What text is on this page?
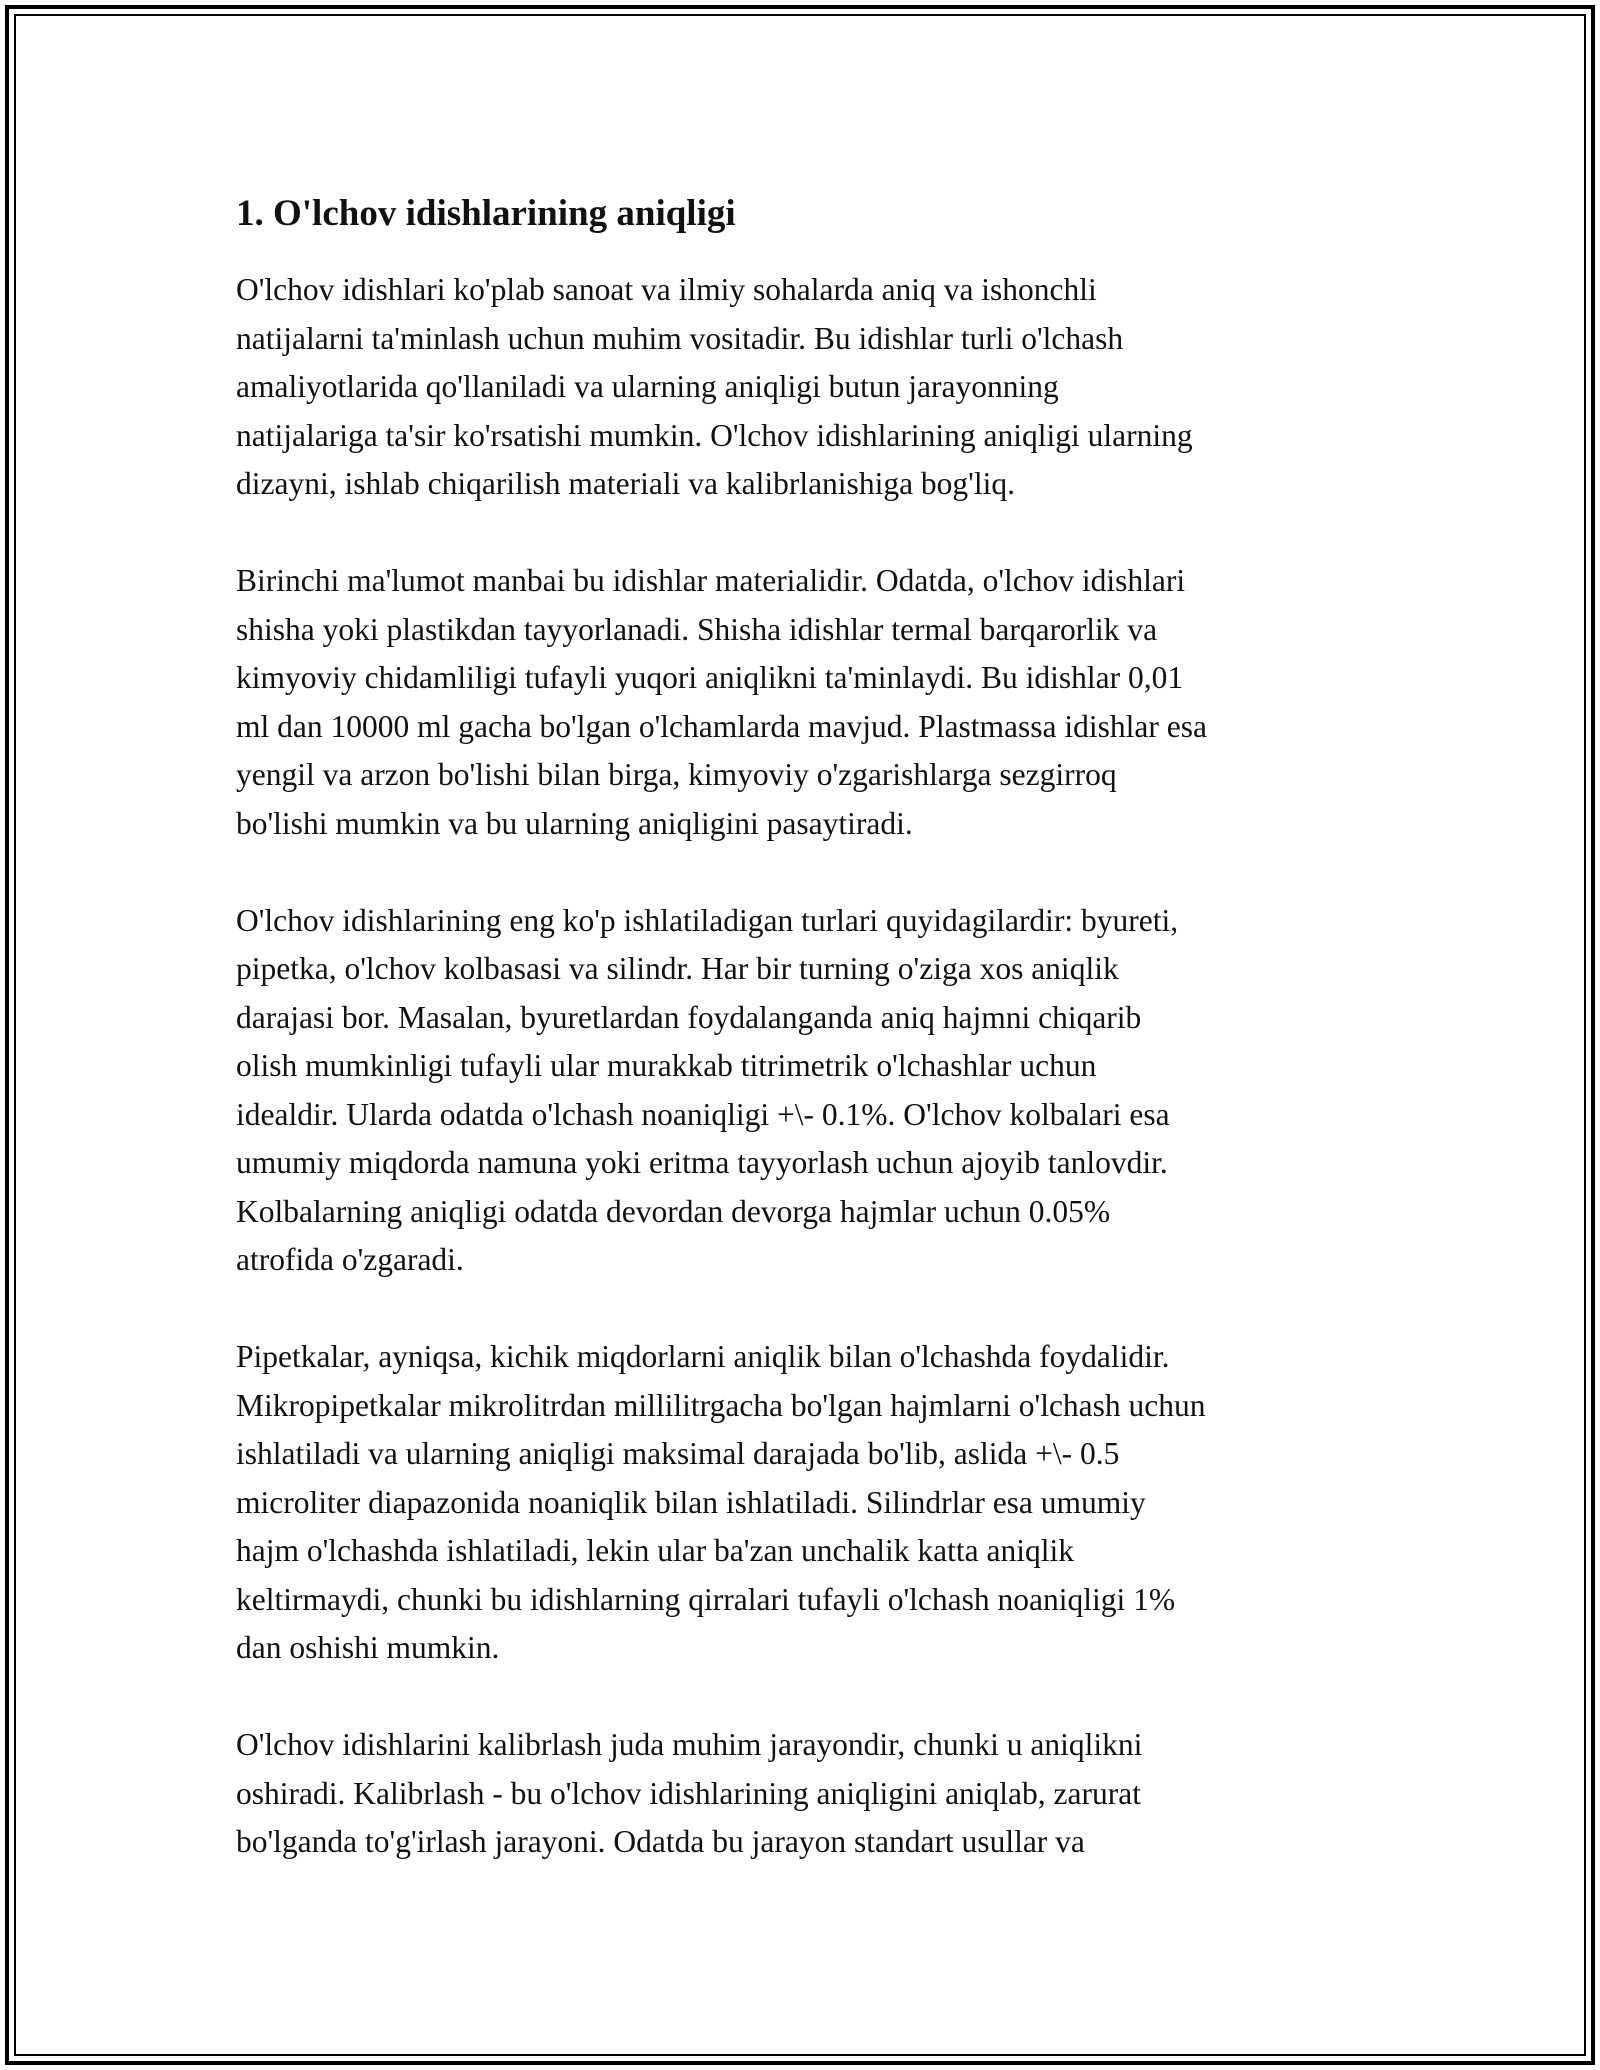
1. O'lchov idishlarining aniqligi

O'lchov idishlari ko'plab sanoat va ilmiy sohalarda aniq va ishonchli
natijalarni ta'minlash uchun muhim vositadir. Bu idishlar turli o'lchash
amaliyotlarida qo'llaniladi va ularning aniqligi butun jarayonning
natijalariga ta'sir ko'rsatishi mumkin. O'lchov idishlarining aniqligi ularning
dizayni, ishlab chiqarilish materiali va kalibrlanishiga bog'liq.

Birinchi ma'lumot manbai bu idishlar materialidir. Odatda, o'lchov idishlari
shisha yoki plastikdan tayyorlanadi. Shisha idishlar termal barqarorlik va
kimyoviy chidamliligi tufayli yuqori aniqlikni ta'minlaydi. Bu idishlar 0,01
ml dan 10000 ml gacha bo'lgan o'lchamlarda mavjud. Plastmassa idishlar esa
yengil va arzon bo'lishi bilan birga, kimyoviy o'zgarishlarga sezgirroq
bo'lishi mumkin va bu ularning aniqligini pasaytiradi.

O'lchov idishlarining eng ko'p ishlatiladigan turlari quyidagilardir: byureti,
pipetka, o'lchov kolbasasi va silindr. Har bir turning o'ziga xos aniqlik
darajasi bor. Masalan, byuretlardan foydalanganda aniq hajmni chiqarib
olish mumkinligi tufayli ular murakkab titrimetrik o'lchashlar uchun
idealdir. Ularda odatda o'lchash noaniqligi +\- 0.1%. O'lchov kolbalari esa
umumiy miqdorda namuna yoki eritma tayyorlash uchun ajoyib tanlovdir.
Kolbalarning aniqligi odatda devordan devorga hajmlar uchun 0.05%
atrofida o'zgaradi.

Pipetkalar, ayniqsa, kichik miqdorlarni aniqlik bilan o'lchashda foydalidir.
Mikropipetkalar mikrolitrdan millilitrgacha bo'lgan hajmlarni o'lchash uchun
ishlatiladi va ularning aniqligi maksimal darajada bo'lib, aslida +\- 0.5
microliter diapazonida noaniqlik bilan ishlatiladi. Silindrlar esa umumiy
hajm o'lchashda ishlatiladi, lekin ular ba'zan unchalik katta aniqlik
keltirmaydi, chunki bu idishlarning qirralari tufayli o'lchash noaniqligi 1%
dan oshishi mumkin.

O'lchov idishlarini kalibrlash juda muhim jarayondir, chunki u aniqlikni
oshiradi. Kalibrlash - bu o'lchov idishlarining aniqligini aniqlab, zarurat
bo'lganda to'g'irlash jarayoni. Odatda bu jarayon standart usullar va
